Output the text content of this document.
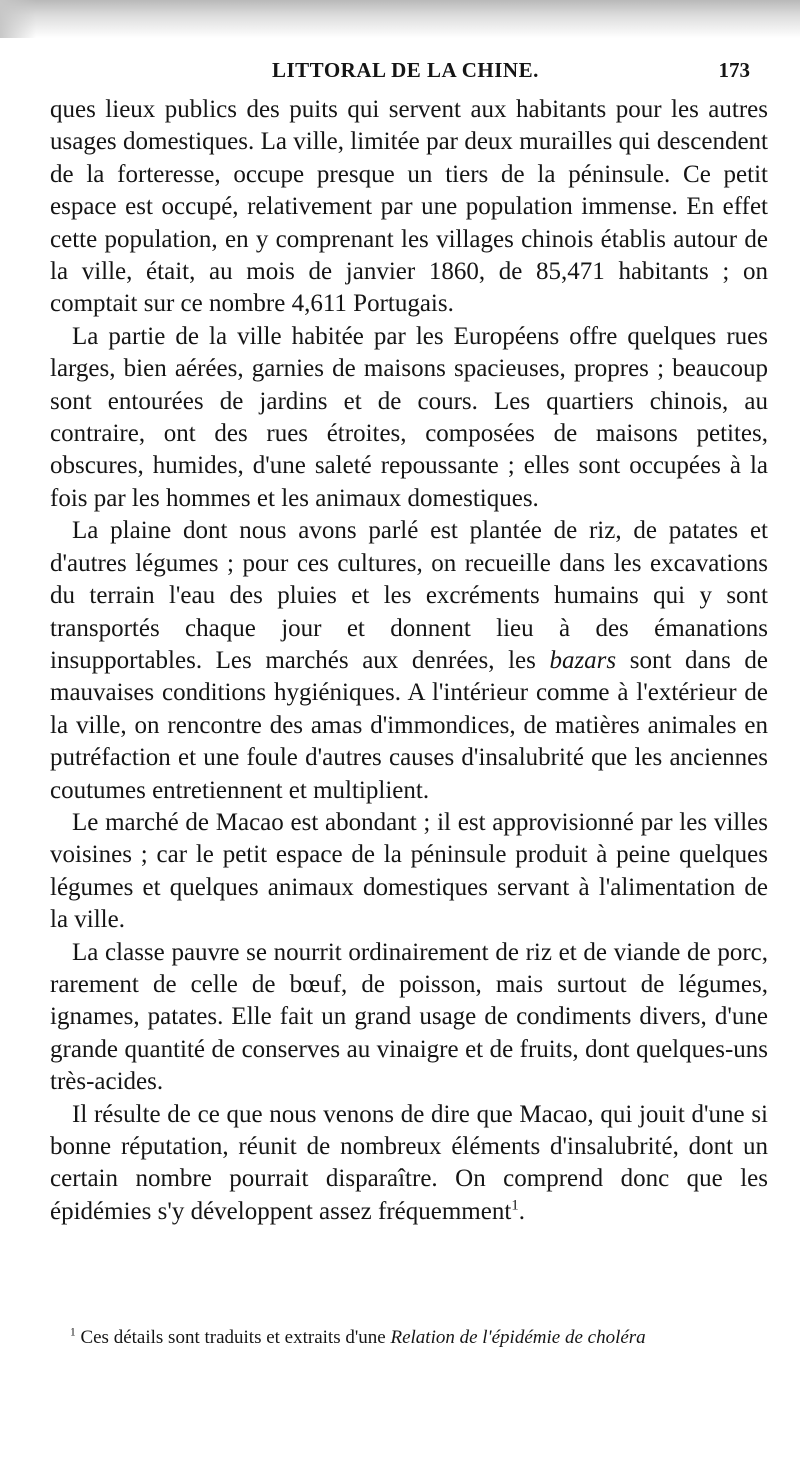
LITTORAL DE LA CHINE.	173

ques lieux publics des puits qui servent aux habitants pour les autres usages domestiques. La ville, limitée par deux murailles qui descendent de la forteresse, occupe presque un tiers de la péninsule. Ce petit espace est occupé, relativement par une population immense. En effet cette population, en y comprenant les villages chinois établis autour de la ville, était, au mois de janvier 1860, de 85,471 habitants ; on comptait sur ce nombre 4,611 Portugais.

La partie de la ville habitée par les Européens offre quelques rues larges, bien aérées, garnies de maisons spacieuses, propres ; beaucoup sont entourées de jardins et de cours. Les quartiers chinois, au contraire, ont des rues étroites, composées de maisons petites, obscures, humides, d'une saleté repoussante ; elles sont occupées à la fois par les hommes et les animaux domestiques.

La plaine dont nous avons parlé est plantée de riz, de patates et d'autres légumes ; pour ces cultures, on recueille dans les excavations du terrain l'eau des pluies et les excréments humains qui y sont transportés chaque jour et donnent lieu à des émanations insupportables. Les marchés aux denrées, les bazars sont dans de mauvaises conditions hygiéniques. A l'intérieur comme à l'extérieur de la ville, on rencontre des amas d'immondices, de matières animales en putréfaction et une foule d'autres causes d'insalubrité que les anciennes coutumes entretiennent et multiplient.

Le marché de Macao est abondant ; il est approvisionné par les villes voisines ; car le petit espace de la péninsule produit à peine quelques légumes et quelques animaux domestiques servant à l'alimentation de la ville.

La classe pauvre se nourrit ordinairement de riz et de viande de porc, rarement de celle de bœuf, de poisson, mais surtout de légumes, ignames, patates. Elle fait un grand usage de condiments divers, d'une grande quantité de conserves au vinaigre et de fruits, dont quelques-uns très-acides.

Il résulte de ce que nous venons de dire que Macao, qui jouit d'une si bonne réputation, réunit de nombreux éléments d'insalubrité, dont un certain nombre pourrait disparaître. On comprend donc que les épidémies s'y développent assez fréquemment$^1$.

$^1$ Ces détails sont traduits et extraits d'une Relation de l'épidémie de choléra
